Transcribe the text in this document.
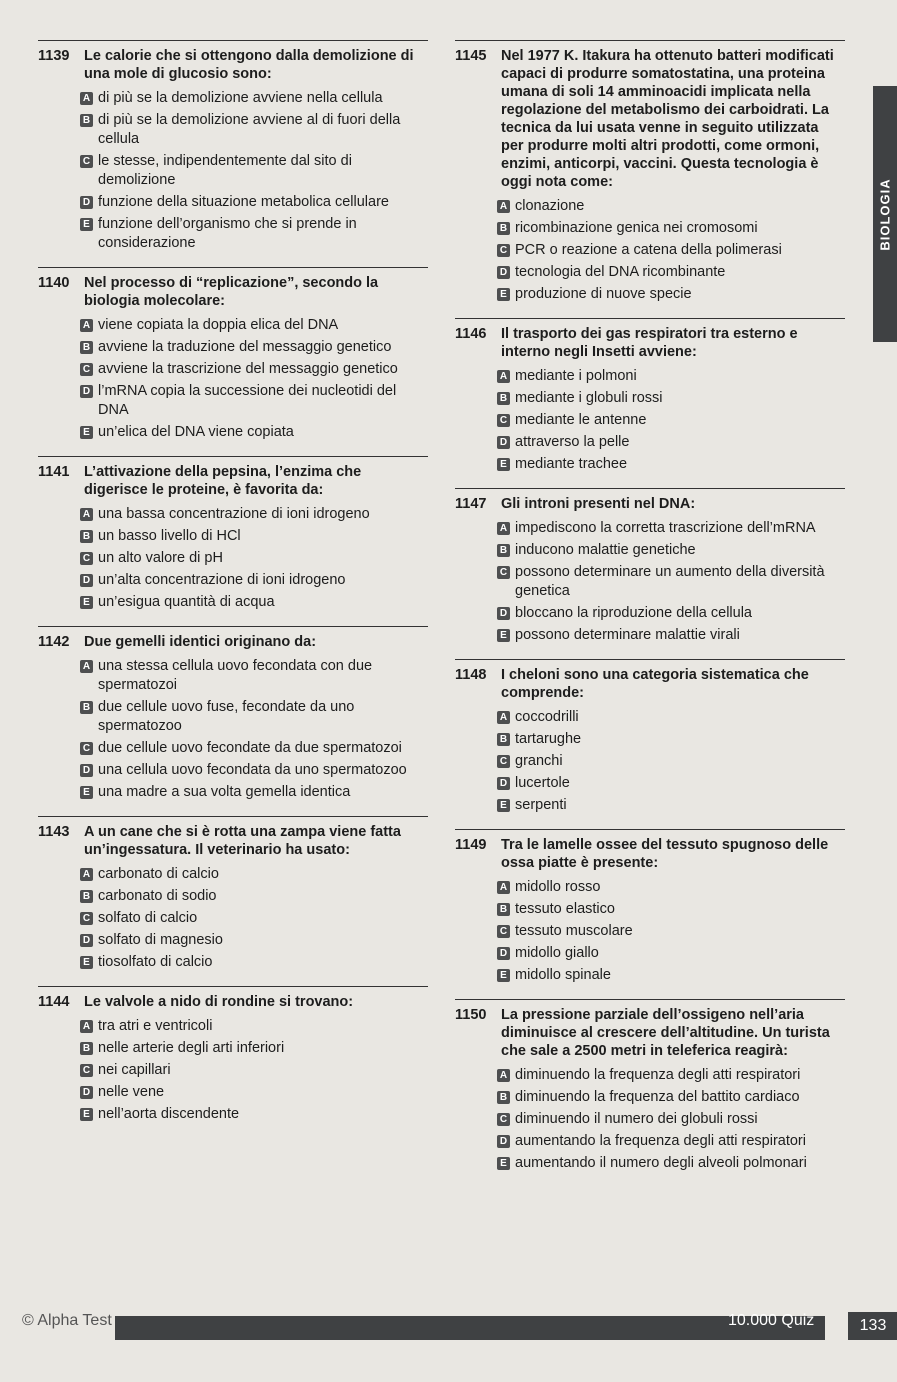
1139	Le calorie che si ottengono dalla demolizione di una mole di glucosio sono:
A di più se la demolizione avviene nella cellula
B di più se la demolizione avviene al di fuori della cellula
C le stesse, indipendentemente dal sito di demolizione
D funzione della situazione metabolica cellulare
E funzione dell’organismo che si prende in considerazione
1140	Nel processo di “replicazione”, secondo la biologia molecolare:
A viene copiata la doppia elica del DNA
B avviene la traduzione del messaggio genetico
C avviene la trascrizione del messaggio genetico
D l’mRNA copia la successione dei nucleotidi del DNA
E un’elica del DNA viene copiata
1141	L’attivazione della pepsina, l’enzima che digerisce le proteine, è favorita da:
A una bassa concentrazione di ioni idrogeno
B un basso livello di HCl
C un alto valore di pH
D un’alta concentrazione di ioni idrogeno
E un’esigua quantità di acqua
1142	Due gemelli identici originano da:
A una stessa cellula uovo fecondata con due spermatozoi
B due cellule uovo fuse, fecondate da uno spermatozoo
C due cellule uovo fecondate da due spermatozoi
D una cellula uovo fecondata da uno spermatozoo
E una madre a sua volta gemella identica
1143	A un cane che si è rotta una zampa viene fatta un’ingessatura. Il veterinario ha usato:
A carbonato di calcio
B carbonato di sodio
C solfato di calcio
D solfato di magnesio
E tiosolfato di calcio
1144	Le valvole a nido di rondine si trovano:
A tra atri e ventricoli
B nelle arterie degli arti inferiori
C nei capillari
D nelle vene
E nell’aorta discendente
1145	Nel 1977 K. Itakura ha ottenuto batteri modificati capaci di produrre somatostatina, una proteina umana di soli 14 amminoacidi implicata nella regolazione del metabolismo dei carboidrati. La tecnica da lui usata venne in seguito utilizzata per produrre molti altri prodotti, come ormoni, enzimi, anticorpi, vaccini. Questa tecnologia è oggi nota come:
A clonazione
B ricombinazione genica nei cromosomi
C PCR o reazione a catena della polimerasi
D tecnologia del DNA ricombinante
E produzione di nuove specie
1146	Il trasporto dei gas respiratori tra esterno e interno negli Insetti avviene:
A mediante i polmoni
B mediante i globuli rossi
C mediante le antenne
D attraverso la pelle
E mediante trachee
1147	Gli introni presenti nel DNA:
A impediscono la corretta trascrizione dell’mRNA
B inducono malattie genetiche
C possono determinare un aumento della diversità genetica
D bloccano la riproduzione della cellula
E possono determinare malattie virali
1148	I cheloni sono una categoria sistematica che comprende:
A coccodrilli
B tartarughe
C granchi
D lucertole
E serpenti
1149	Tra le lamelle ossee del tessuto spugnoso delle ossa piatte è presente:
A midollo rosso
B tessuto elastico
C tessuto muscolare
D midollo giallo
E midollo spinale
1150	La pressione parziale dell’ossigeno nell’aria diminuisce al crescere dell’altitudine. Un turista che sale a 2500 metri in teleferica reagirà:
A diminuendo la frequenza degli atti respiratori
B diminuendo la frequenza del battito cardiaco
C diminuendo il numero dei globuli rossi
D aumentando la frequenza degli atti respiratori
E aumentando il numero degli alveoli polmonari
BIOLOGIA
© Alpha Test	10.000 Quiz	133
